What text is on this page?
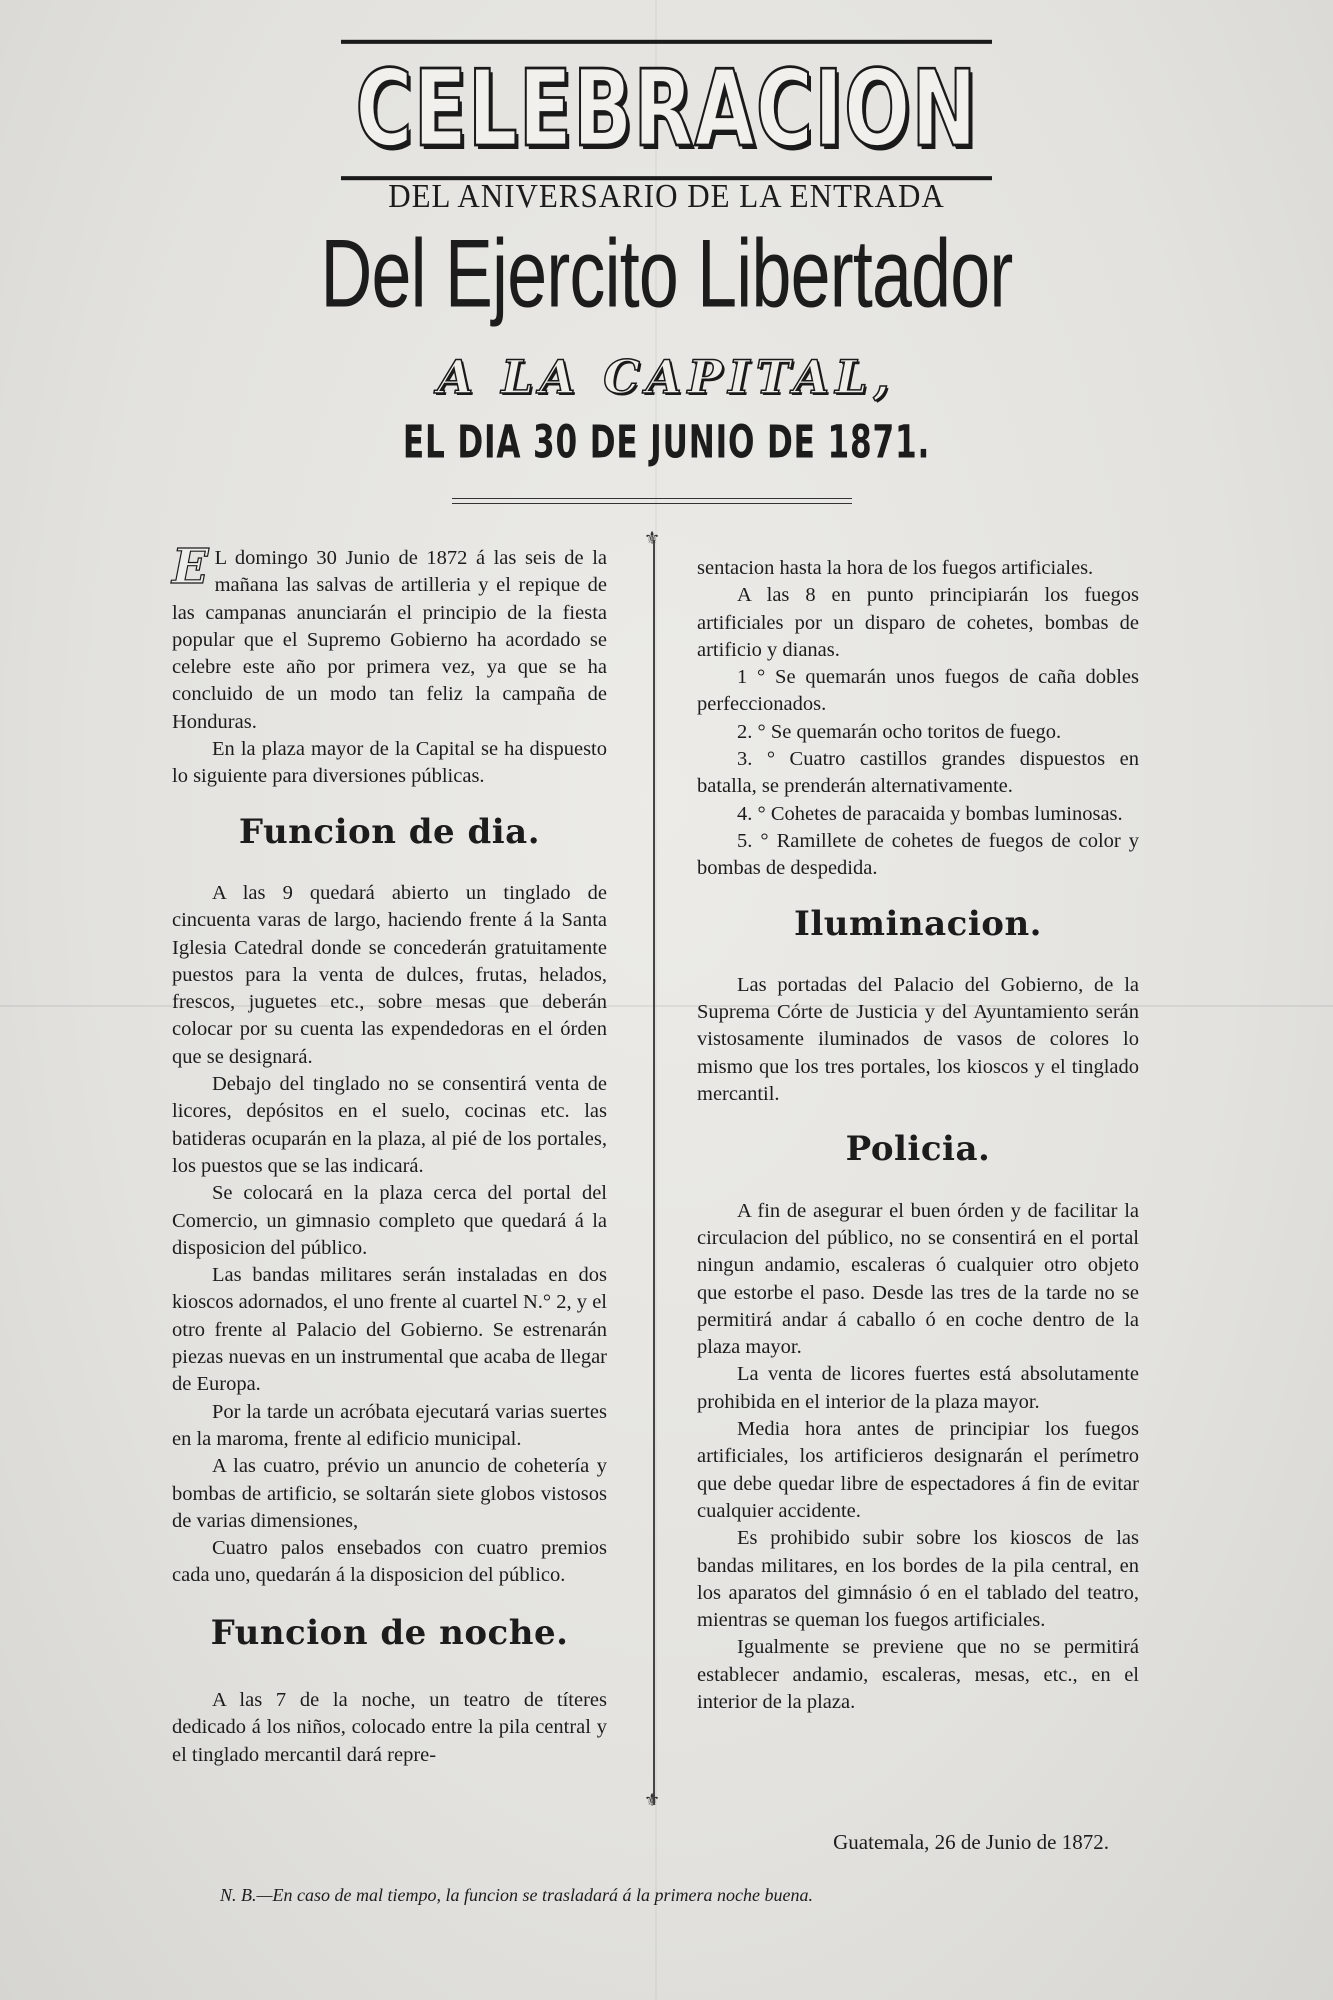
CELEBRACION
DEL ANIVERSARIO DE LA ENTRADA
Del Ejercito Libertador
A LA CAPITAL,
EL DIA 30 DE JUNIO DE 1871.

E L domingo 30 Junio de 1872 á las seis de la mañana las salvas de artilleria y el repique de las campanas anunciarán el principio de la fiesta popular que el Supremo Gobierno ha acordado se celebre este año por primera vez, ya que se ha concluido de un modo tan feliz la campaña de Honduras.

En la plaza mayor de la Capital se ha dispuesto lo siguiente para diversiones públicas.

Funcion de dia.

A las 9 quedará abierto un tinglado de cincuenta varas de largo, haciendo frente á la Santa Iglesia Catedral donde se concederán gratuitamente puestos para la venta de dulces, frutas, helados, frescos, juguetes etc., sobre mesas que deberán colocar por su cuenta las expendedoras en el órden que se designará.

Debajo del tinglado no se consentirá venta de licores, depósitos en el suelo, cocinas etc. las batideras ocuparán en la plaza, al pié de los portales, los puestos que se las indicará.

Se colocará en la plaza cerca del portal del Comercio, un gimnasio completo que quedará á la disposicion del público.

Las bandas militares serán instaladas en dos kioscos adornados, el uno frente al cuartel N.° 2, y el otro frente al Palacio del Gobierno. Se estrenarán piezas nuevas en un instrumental que acaba de llegar de Europa.

Por la tarde un acróbata ejecutará varias suertes en la maroma, frente al edificio municipal.

A las cuatro, prévio un anuncio de cohetería y bombas de artificio, se soltarán siete globos vistosos de varias dimensiones,

Cuatro palos ensebados con cuatro premios cada uno, quedarán á la disposicion del público.

Funcion de noche.

A las 7 de la noche, un teatro de títeres dedicado á los niños, colocado entre la pila central y el tinglado mercantil dará repre-

⚜
⚜

sentacion hasta la hora de los fuegos artificiales.

A las 8 en punto principiarán los fuegos artificiales por un disparo de cohetes, bombas de artificio y dianas.

1 ° Se quemarán unos fuegos de caña dobles perfeccionados.

2. ° Se quemarán ocho toritos de fuego.

3. ° Cuatro castillos grandes dispuestos en batalla, se prenderán alternativamente.

4. ° Cohetes de paracaida y bombas luminosas.

5. ° Ramillete de cohetes de fuegos de color y bombas de despedida.

Iluminacion.

Las portadas del Palacio del Gobierno, de la Suprema Córte de Justicia y del Ayuntamiento serán vistosamente iluminados de vasos de colores lo mismo que los tres portales, los kioscos y el tinglado mercantil.

Policia.

A fin de asegurar el buen órden y de facilitar la circulacion del público, no se consentirá en el portal ningun andamio, escaleras ó cualquier otro objeto que estorbe el paso. Desde las tres de la tarde no se permitirá andar á caballo ó en coche dentro de la plaza mayor.

La venta de licores fuertes está absolutamente prohibida en el interior de la plaza mayor.

Media hora antes de principiar los fuegos artificiales, los artificieros designarán el perímetro que debe quedar libre de espectadores á fin de evitar cualquier accidente.

Es prohibido subir sobre los kioscos de las bandas militares, en los bordes de la pila central, en los aparatos del gimnásio ó en el tablado del teatro, mientras se queman los fuegos artificiales.

Igualmente se previene que no se permitirá establecer andamio, escaleras, mesas, etc., en el interior de la plaza.

Guatemala, 26 de Junio de 1872.
N. B.—En caso de mal tiempo, la funcion se trasladará á la primera noche buena.
